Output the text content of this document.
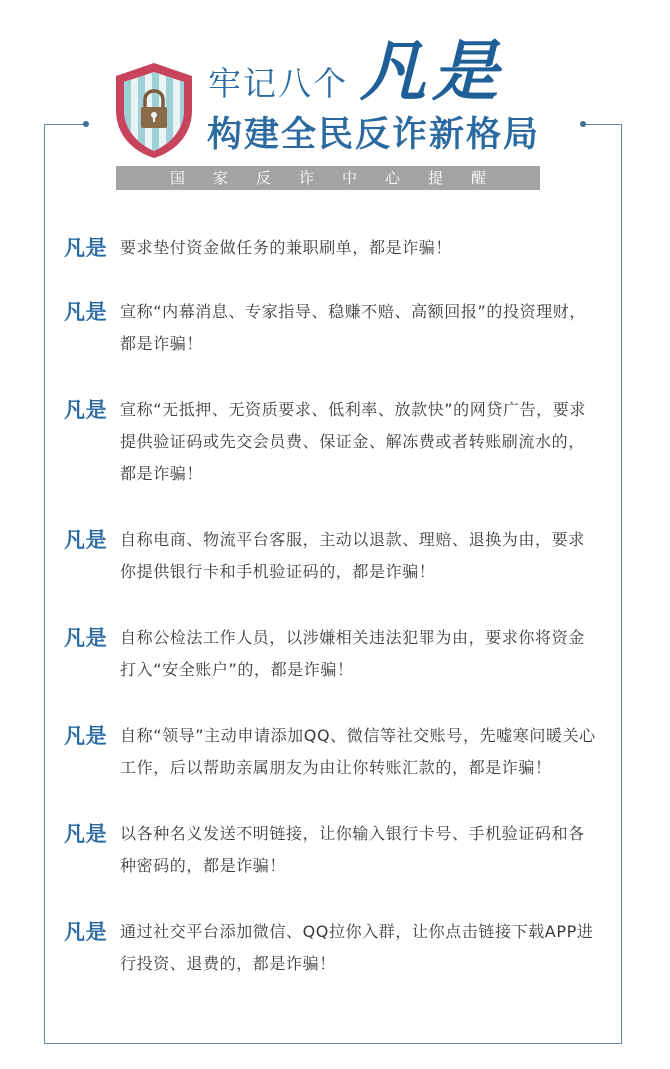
牢记八个 凡是
构建全民反诈新格局
国家反诈中心提醒
凡是 要求垫付资金做任务的兼职刷单，都是诈骗！
凡是 宣称“内幕消息、专家指导、稳赚不赔、高额回报”的投资理财，都是诈骗！
凡是 宣称“无抵押、无资质要求、低利率、放款快”的网贷广告，要求提供验证码或先交会员费、保证金、解冻费或者转账刷流水的，都是诈骗！
凡是 自称电商、物流平台客服，主动以退款、理赔、退换为由，要求你提供银行卡和手机验证码的，都是诈骗！
凡是 自称公检法工作人员，以涉嫌相关违法犯罪为由，要求你将资金打入“安全账户”的，都是诈骗！
凡是 自称“领导”主动申请添加QQ、微信等社交账号，先嘘寒问暖关心工作，后以帮助亲属朋友为由让你转账汇款的，都是诈骗！
凡是 以各种名义发送不明链接，让你输入银行卡号、手机验证码和各种密码的，都是诈骗！
凡是 通过社交平台添加微信、QQ拉你入群，让你点击链接下载APP进行投资、退费的，都是诈骗！
